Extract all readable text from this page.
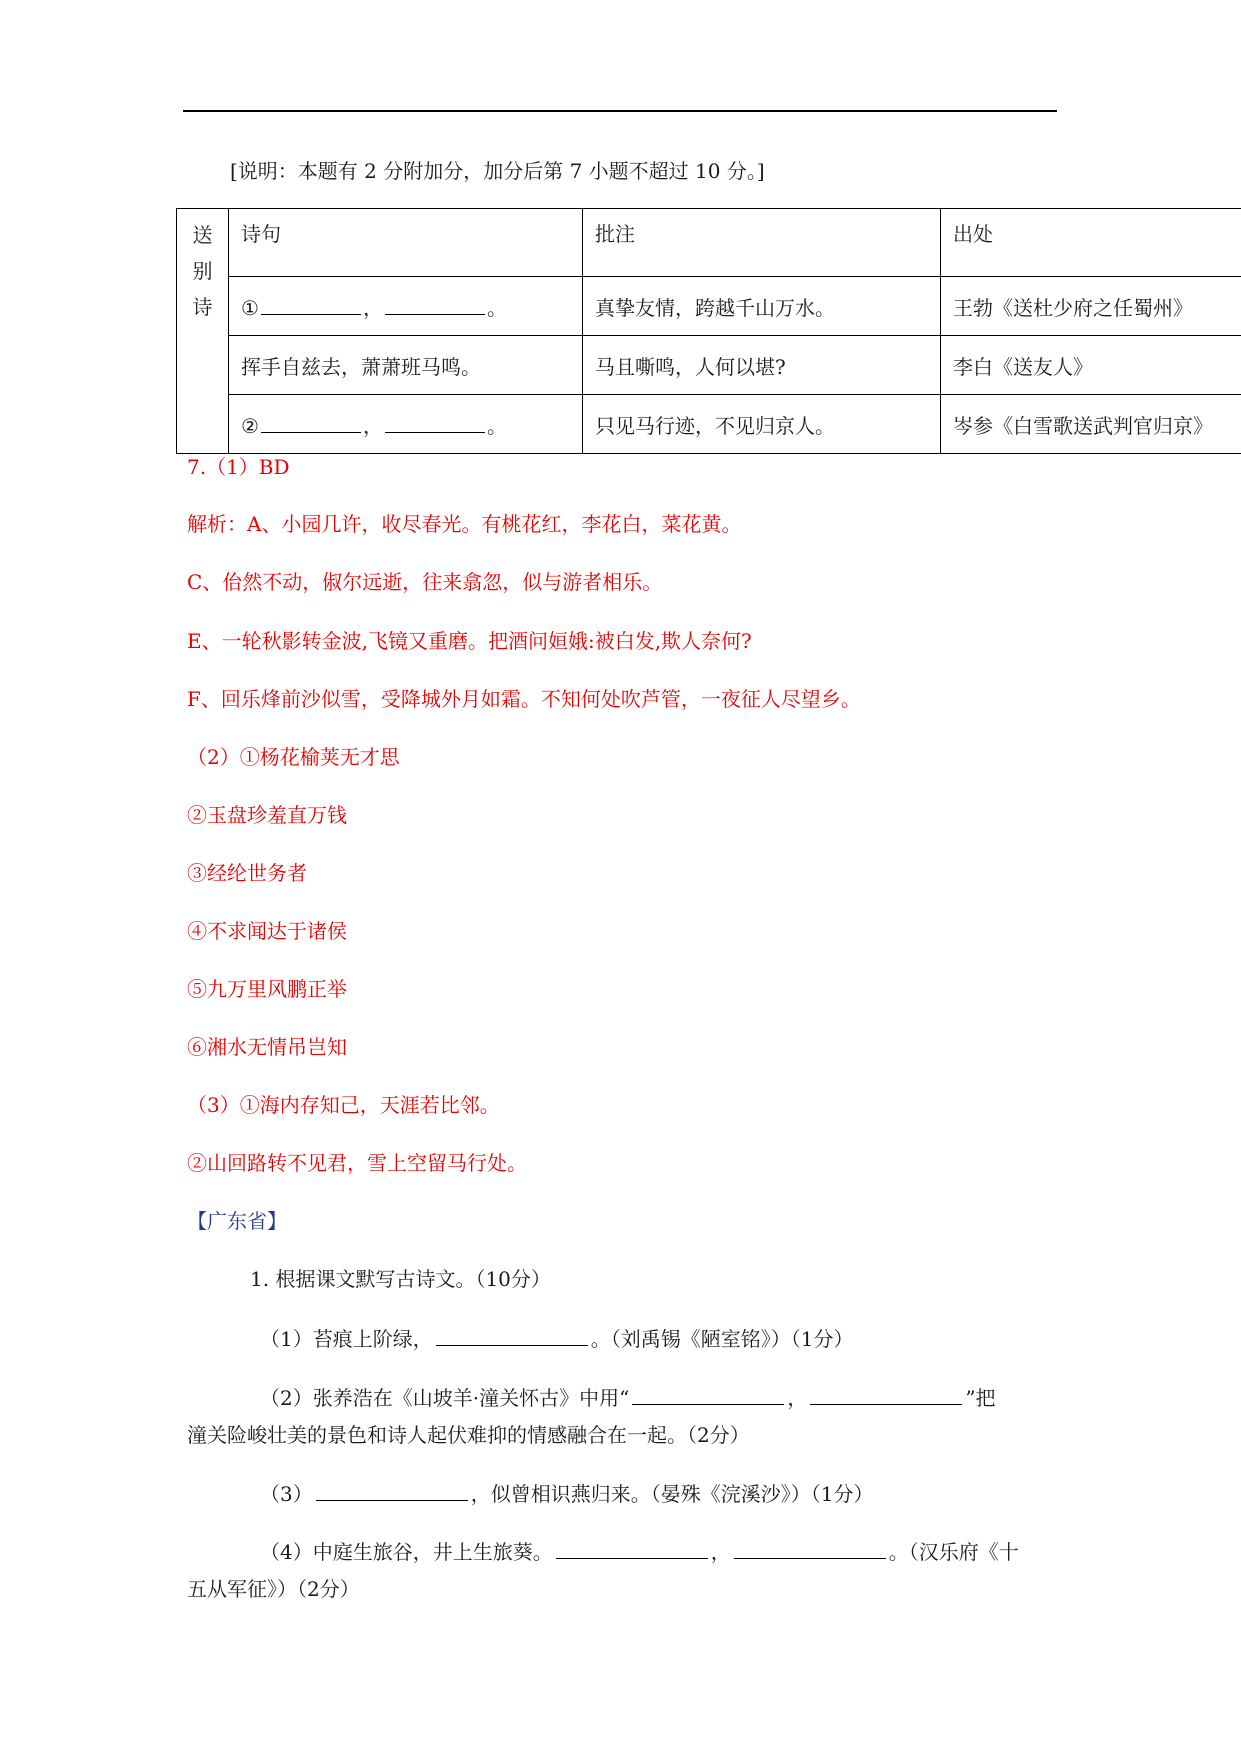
[说明：本题有 2 分附加分，加分后第 7 小题不超过 10 分。]
送
别
诗	诗句	批注	出处
	① ， 。	真挚友情，跨越千山万水。	王勃《送杜少府之任蜀州》
	挥手自兹去，萧萧班马鸣。	马且嘶鸣，人何以堪?	李白《送友人》
	② ， 。	只见马行迹，不见归京人。	岑参《白雪歌送武判官归京》
7.（1）BD
解析：A、小园几许，收尽春光。有桃花红，李花白，菜花黄。
C、佁然不动，俶尔远逝，往来翕忽，似与游者相乐。
E、一轮秋影转金波,飞镜又重磨。把酒问姮娥:被白发,欺人奈何?
F、回乐烽前沙似雪，受降城外月如霜。不知何处吹芦管，一夜征人尽望乡。
（2）①杨花榆荚无才思
②玉盘珍羞直万钱
③经纶世务者
④不求闻达于诸侯
⑤九万里风鹏正举
⑥湘水无情吊岂知
（3）①海内存知己，天涯若比邻。
②山回路转不见君，雪上空留马行处。
【广东省】
1. 根据课文默写古诗文。（10分）
（1）苔痕上阶绿，	。（刘禹锡《陋室铭》）（1分）
（2）张养浩在《山坡羊·潼关怀古》中用“	，	”把
潼关险峻壮美的景色和诗人起伏难抑的情感融合在一起。（2分）
（3）	，似曾相识燕归来。（晏殊《浣溪沙》）（1分）
（4）中庭生旅谷，井上生旅葵。	，	。（汉乐府《十
五从军征》）（2分）
